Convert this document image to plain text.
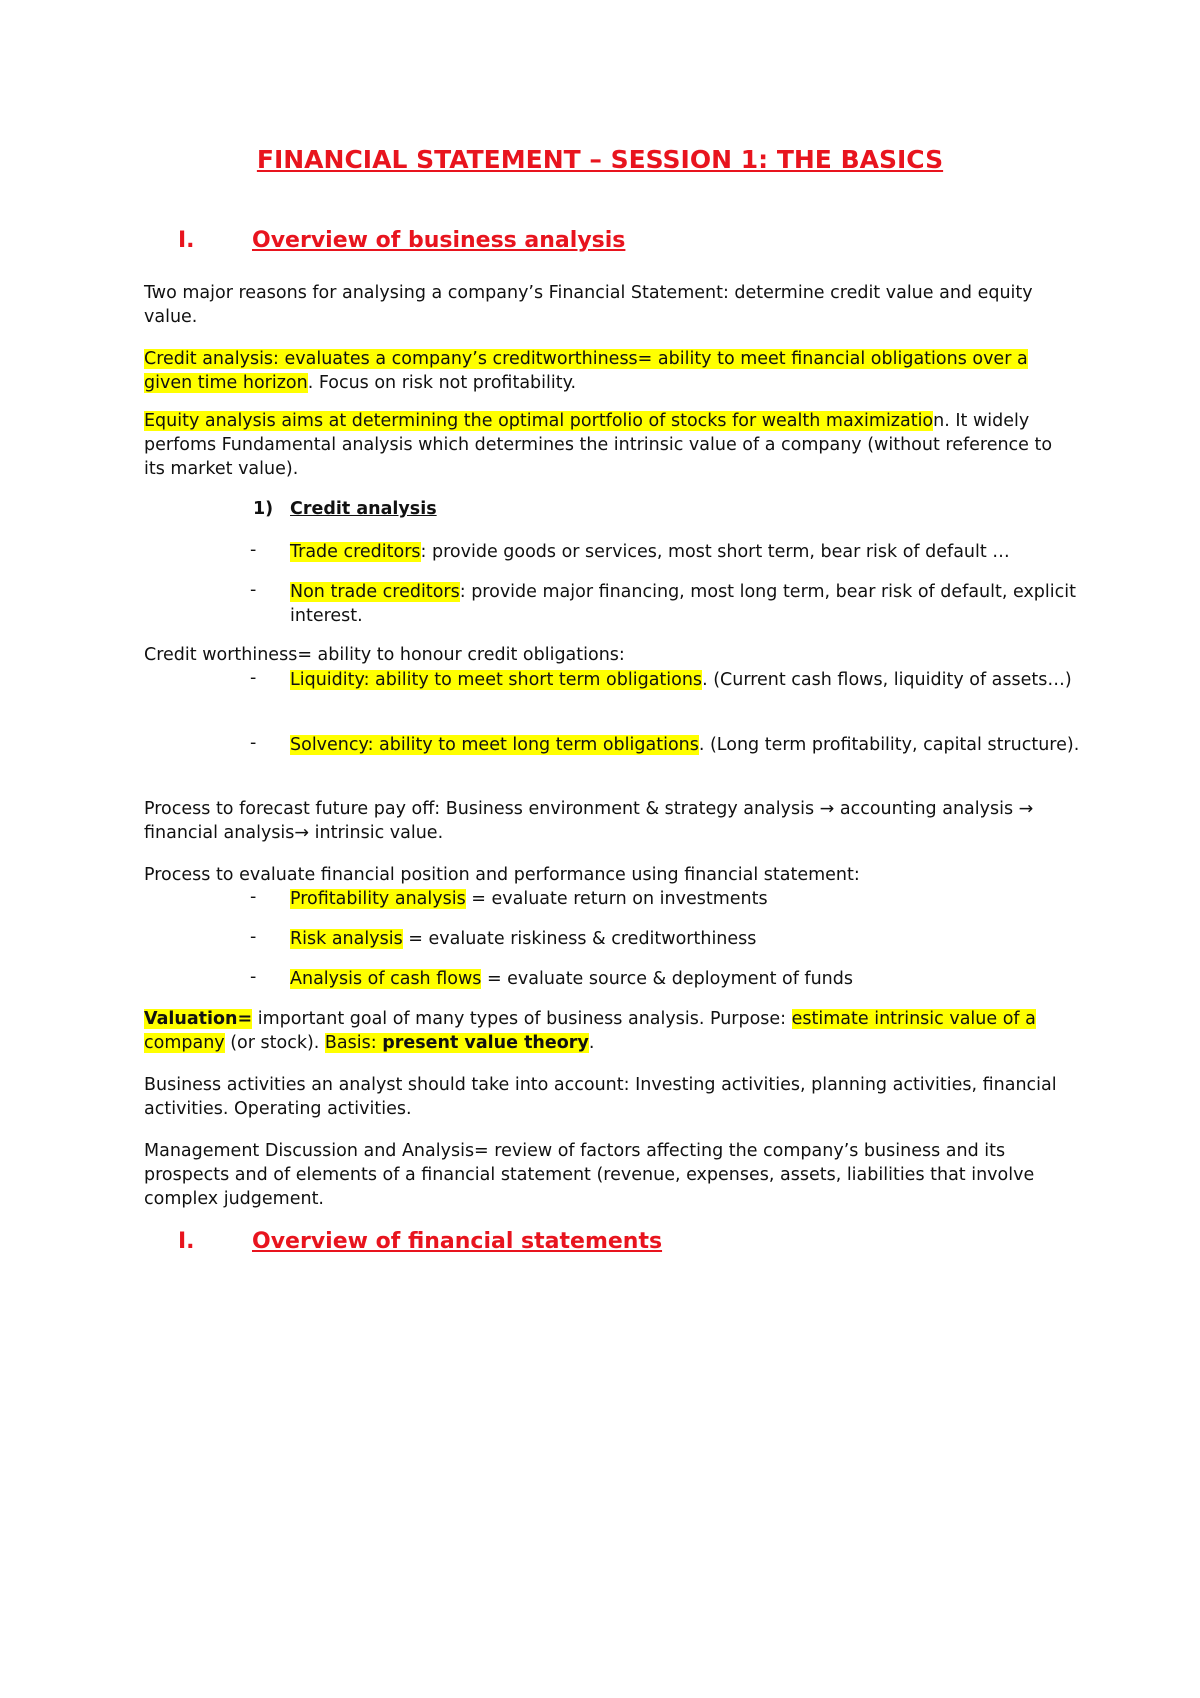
FINANCIAL STATEMENT – SESSION 1: THE BASICS
I.	Overview of business analysis
Two major reasons for analysing a company’s Financial Statement: determine credit value and equity value.
Credit analysis: evaluates a company’s creditworthiness= ability to meet financial obligations over a given time horizon. Focus on risk not profitability.
Equity analysis aims at determining the optimal portfolio of stocks for wealth maximization. It widely perfoms Fundamental analysis which determines the intrinsic value of a company (without reference to its market value).
1) Credit analysis
- Trade creditors: provide goods or services, most short term, bear risk of default …
- Non trade creditors: provide major financing, most long term, bear risk of default, explicit interest.
Credit worthiness= ability to honour credit obligations:
- Liquidity: ability to meet short term obligations. (Current cash flows, liquidity of assets…)
- Solvency: ability to meet long term obligations. (Long term profitability, capital structure).
Process to forecast future pay off: Business environment & strategy analysis → accounting analysis → financial analysis→ intrinsic value.
Process to evaluate financial position and performance using financial statement:
- Profitability analysis = evaluate return on investments
- Risk analysis = evaluate riskiness & creditworthiness
- Analysis of cash flows = evaluate source & deployment of funds
Valuation= important goal of many types of business analysis. Purpose: estimate intrinsic value of a company (or stock). Basis: present value theory.
Business activities an analyst should take into account: Investing activities, planning activities, financial activities. Operating activities.
Management Discussion and Analysis= review of factors affecting the company’s business and its prospects and of elements of a financial statement (revenue, expenses, assets, liabilities that involve complex judgement.
I.	Overview of financial statements
